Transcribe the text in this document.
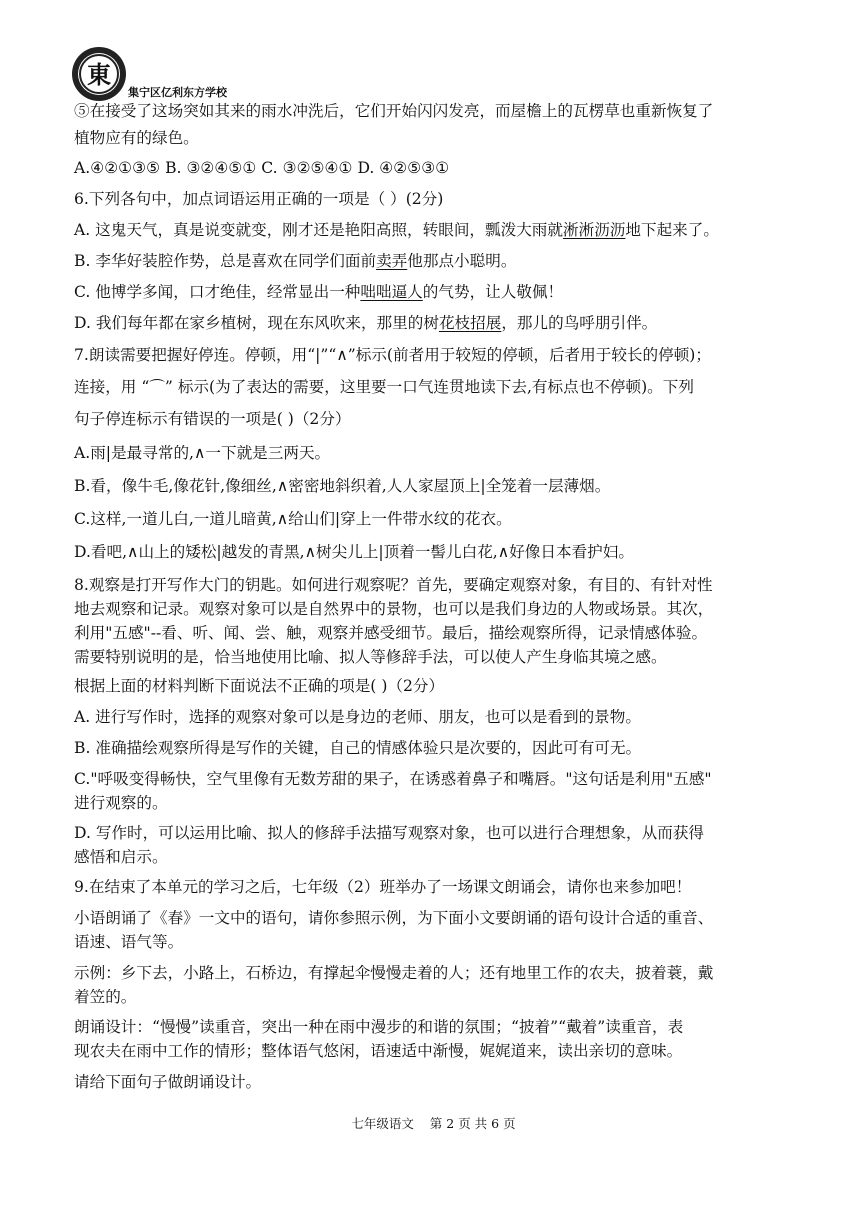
東
集宁区亿利东方学校
⑤在接受了这场突如其来的雨水冲洗后，它们开始闪闪发亮，而屋檐上的瓦楞草也重新恢复了
植物应有的绿色。
A.④②①③⑤ B. ③②④⑤① C. ③②⑤④① D. ④②⑤③①
6.下列各句中，加点词语运用正确的一项是（ ）(2分)
A. 这鬼天气，真是说变就变，刚才还是艳阳高照，转眼间，瓢泼大雨就淅淅沥沥地下起来了。
B. 李华好装腔作势，总是喜欢在同学们面前卖弄他那点小聪明。
C. 他博学多闻，口才绝佳，经常显出一种咄咄逼人的气势，让人敬佩！
D. 我们每年都在家乡植树，现在东风吹来，那里的树花枝招展，那儿的鸟呼朋引伴。
7.朗读需要把握好停连。停顿，用“|”“∧”标示(前者用于较短的停顿，后者用于较长的停顿)；
连接，用 “⌒” 标示(为了表达的需要，这里要一口气连贯地读下去,有标点也不停顿)。下列
句子停连标示有错误的一项是( )（2分）
A.雨|是最寻常的,∧一下就是三两天。
B.看，像牛毛,像花针,像细丝,∧密密地斜织着,人人家屋顶上|全笼着一层薄烟。
C.这样,一道儿白,一道儿暗黄,∧给山们|穿上一件带水纹的花衣。
D.看吧,∧山上的矮松|越发的青黑,∧树尖儿上|顶着一髻儿白花,∧好像日本看护妇。
8.观察是打开写作大门的钥匙。如何进行观察呢？首先，要确定观察对象，有目的、有针对性
地去观察和记录。观察对象可以是自然界中的景物，也可以是我们身边的人物或场景。其次，
利用"五感"--看、听、闻、尝、触，观察并感受细节。最后，描绘观察所得，记录情感体验。
需要特别说明的是，恰当地使用比喻、拟人等修辞手法，可以使人产生身临其境之感。
根据上面的材料判断下面说法不正确的项是( )（2分）
A. 进行写作时，选择的观察对象可以是身边的老师、朋友，也可以是看到的景物。
B. 准确描绘观察所得是写作的关键，自己的情感体验只是次要的，因此可有可无。
C."呼吸变得畅快，空气里像有无数芳甜的果子，在诱惑着鼻子和嘴唇。"这句话是利用"五感"
进行观察的。
D. 写作时，可以运用比喻、拟人的修辞手法描写观察对象，也可以进行合理想象，从而获得
感悟和启示。
9.在结束了本单元的学习之后，七年级（2）班举办了一场课文朗诵会，请你也来参加吧！
小语朗诵了《春》一文中的语句，请你参照示例，为下面小文要朗诵的语句设计合适的重音、
语速、语气等。
示例：乡下去，小路上，石桥边，有撑起伞慢慢走着的人；还有地里工作的农夫，披着蓑，戴
着笠的。
朗诵设计：“慢慢”读重音，突出一种在雨中漫步的和谐的氛围；“披着”“戴着”读重音，表
现农夫在雨中工作的情形；整体语气悠闲，语速适中渐慢，娓娓道来，读出亲切的意味。
请给下面句子做朗诵设计。
七年级语文    第 2 页 共 6 页
